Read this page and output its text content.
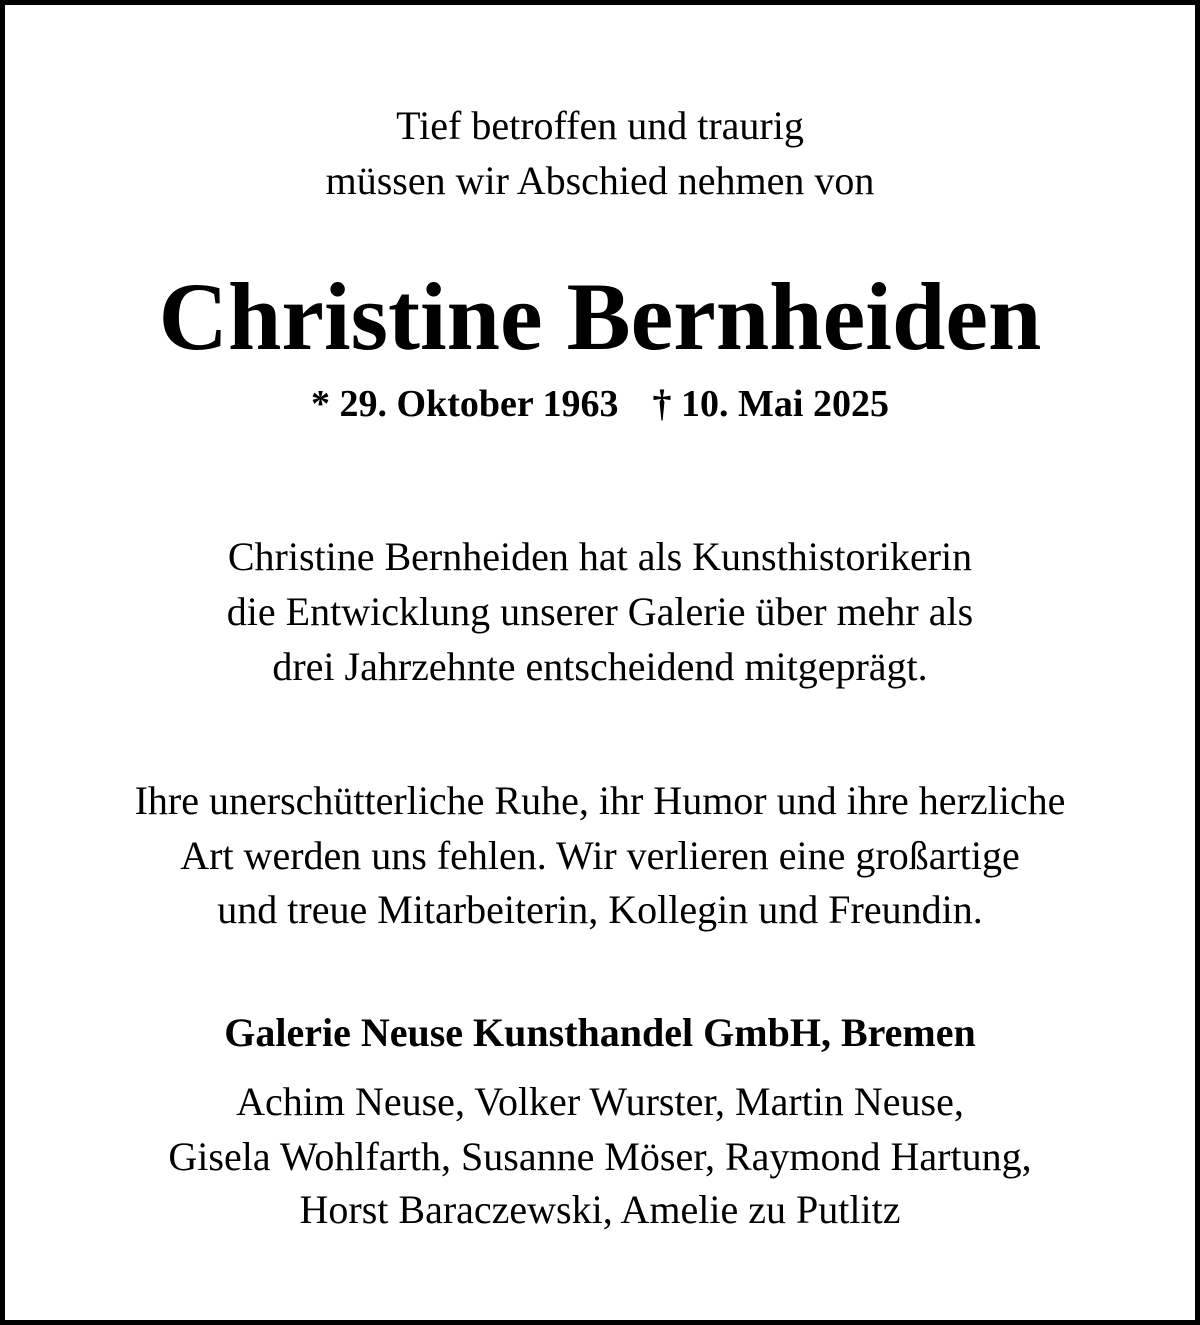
Tief betroffen und traurig
müssen wir Abschied nehmen von
Christine Bernheiden
* 29. Oktober 1963 † 10. Mai 2025
Christine Bernheiden hat als Kunsthistorikerin
die Entwicklung unserer Galerie über mehr als
drei Jahrzehnte entscheidend mitgeprägt.
Ihre unerschütterliche Ruhe, ihr Humor und ihre herzliche
Art werden uns fehlen. Wir verlieren eine großartige
und treue Mitarbeiterin, Kollegin und Freundin.
Galerie Neuse Kunsthandel GmbH, Bremen
Achim Neuse, Volker Wurster, Martin Neuse,
Gisela Wohlfarth, Susanne Möser, Raymond Hartung,
Horst Baraczewski, Amelie zu Putlitz
